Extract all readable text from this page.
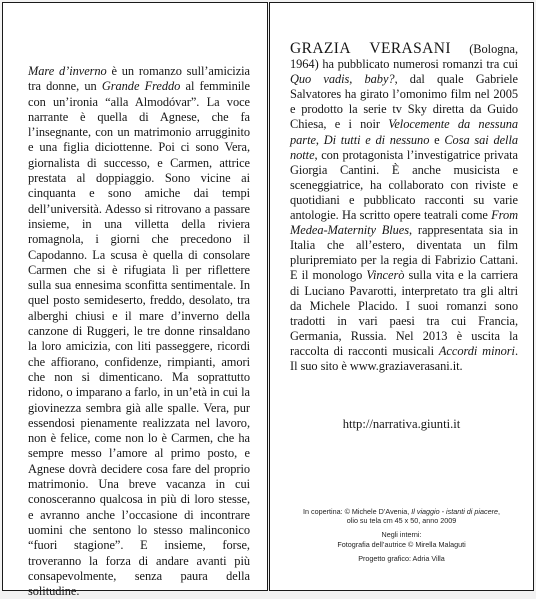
Mare d’inverno è un romanzo sull’amicizia tra donne, un Grande Freddo al femminile con un’ironia “alla Almodóvar”. La voce narrante è quella di Agnese, che fa l’insegnante, con un matrimonio arrugginito e una figlia diciottenne. Poi ci sono Vera, giornalista di successo, e Carmen, attrice prestata al doppiaggio. Sono vicine ai cinquanta e sono amiche dai tempi dell’università. Adesso si ritrovano a passare insieme, in una villetta della riviera romagnola, i giorni che precedono il Capodanno. La scusa è quella di consolare Carmen che si è rifugiata lì per riflettere sulla sua ennesima sconfitta sentimentale. In quel posto semideserto, freddo, desolato, tra alberghi chiusi e il mare d’inverno della canzone di Ruggeri, le tre donne rinsaldano la loro amicizia, con liti passeggere, ricordi che affiorano, confidenze, rimpianti, amori che non si dimenticano. Ma soprattutto ridono, o imparano a farlo, in un’età in cui la giovinezza sembra già alle spalle. Vera, pur essendosi pienamente realizzata nel lavoro, non è felice, come non lo è Carmen, che ha sempre messo l’amore al primo posto, e Agnese dovrà decidere cosa fare del proprio matrimonio. Una breve vacanza in cui conosceranno qualcosa in più di loro stesse, e avranno anche l’occasione di incontrare uomini che sentono lo stesso malinconico “fuori stagione”. E insieme, forse, troveranno la forza di andare avanti più consapevolmente, senza paura della solitudine.

GRAZIA VERASANI (Bologna, 1964) ha pubblicato numerosi romanzi tra cui Quo vadis, baby?, dal quale Gabriele Salvatores ha girato l’omonimo film nel 2005 e prodotto la serie tv Sky diretta da Guido Chiesa, e i noir Velocemente da nessuna parte, Di tutti e di nessuno e Cosa sai della notte, con protagonista l’investigatrice privata Giorgia Cantini. È anche musicista e sceneggiatrice, ha collaborato con riviste e quotidiani e pubblicato racconti su varie antologie. Ha scritto opere teatrali come From Medea-Maternity Blues, rappresentata sia in Italia che all’estero, diventata un film pluripremiato per la regia di Fabrizio Cattani. E il monologo Vincerò sulla vita e la carriera di Luciano Pavarotti, interpretato tra gli altri da Michele Placido. I suoi romanzi sono tradotti in vari paesi tra cui Francia, Germania, Russia. Nel 2013 è uscita la raccolta di racconti musicali Accordi minori. Il suo sito è www.graziaverasani.it.

http://narrativa.giunti.it

In copertina: © Michele D’Avenia, Il viaggio - istanti di piacere,

olio su tela cm 45 x 50, anno 2009

Negli interni:

Fotografia dell’autrice © Mirella Malaguti

Progetto grafico: Adria Villa
